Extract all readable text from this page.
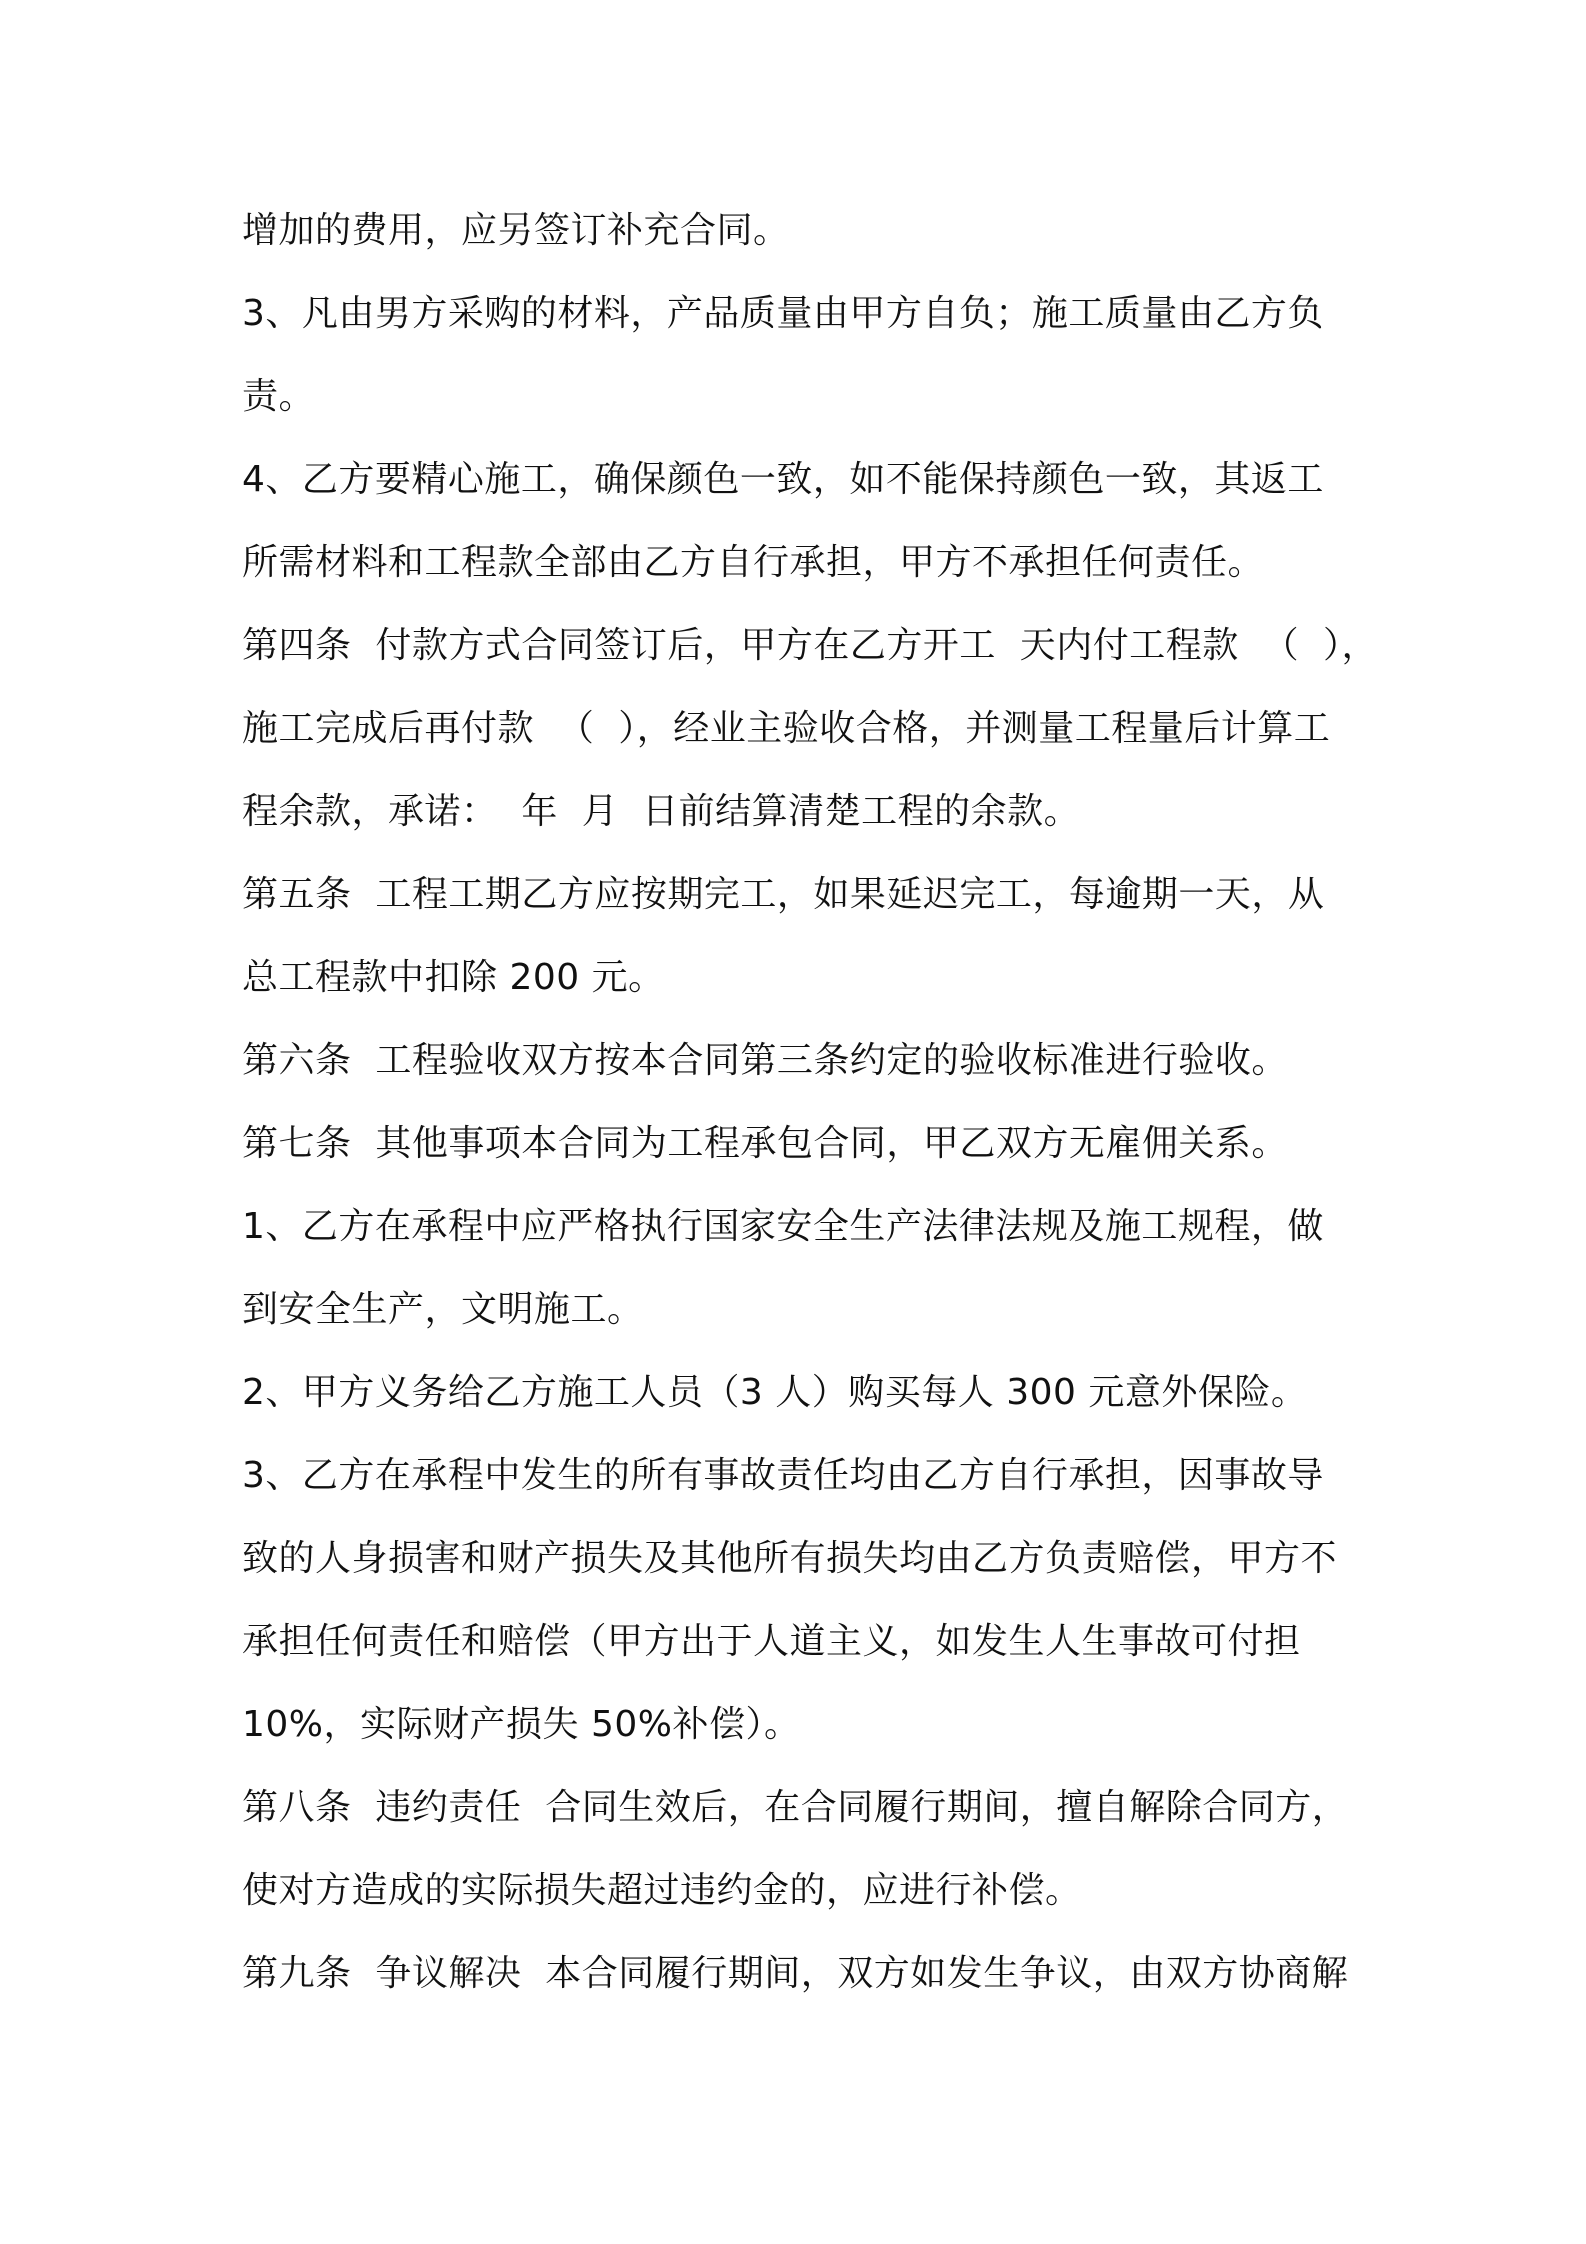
增加的费用，应另签订补充合同。
3、凡由男方采购的材料，产品质量由甲方自负；施工质量由乙方负
责。
4、乙方要精心施工，确保颜色一致，如不能保持颜色一致，其返工
所需材料和工程款全部由乙方自行承担，甲方不承担任何责任。
第四条  付款方式合同签订后，甲方在乙方开工  天内付工程款  （  ），
施工完成后再付款  （  ），经业主验收合格，并测量工程量后计算工
程余款，承诺：  年  月  日前结算清楚工程的余款。
第五条  工程工期乙方应按期完工，如果延迟完工，每逾期一天，从
总工程款中扣除 200 元。
第六条  工程验收双方按本合同第三条约定的验收标准进行验收。
第七条  其他事项本合同为工程承包合同，甲乙双方无雇佣关系。
1、乙方在承程中应严格执行国家安全生产法律法规及施工规程，做
到安全生产，文明施工。
2、甲方义务给乙方施工人员（3 人）购买每人 300 元意外保险。
3、乙方在承程中发生的所有事故责任均由乙方自行承担，因事故导
致的人身损害和财产损失及其他所有损失均由乙方负责赔偿，甲方不
承担任何责任和赔偿（甲方出于人道主义，如发生人生事故可付担
10%，实际财产损失 50%补偿）。
第八条  违约责任  合同生效后，在合同履行期间，擅自解除合同方，
使对方造成的实际损失超过违约金的，应进行补偿。
第九条  争议解决  本合同履行期间，双方如发生争议，由双方协商解
